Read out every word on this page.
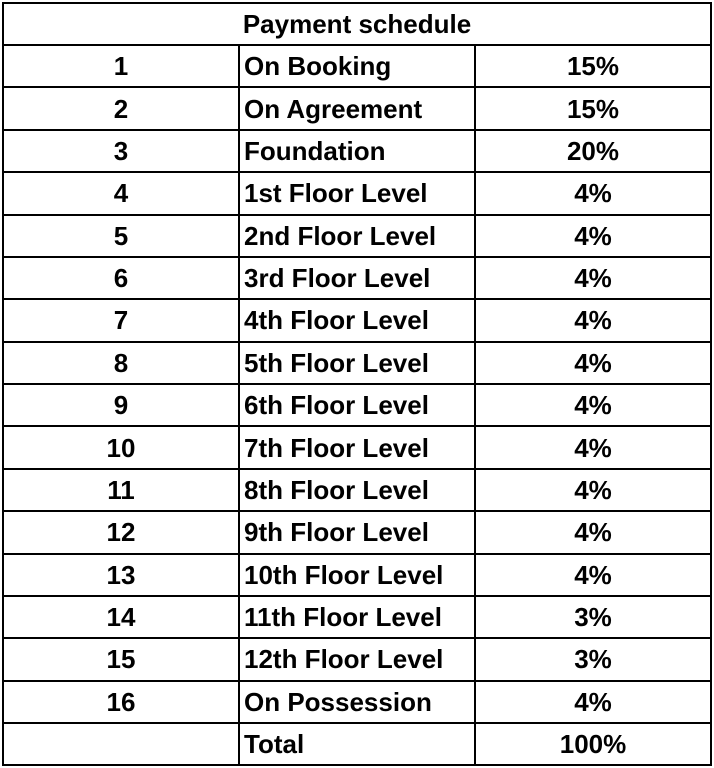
Payment schedule		
1	On Booking	15%
2	On Agreement	15%
3	Foundation	20%
4	1st Floor Level	4%
5	2nd Floor Level	4%
6	3rd Floor Level	4%
7	4th Floor Level	4%
8	5th Floor Level	4%
9	6th Floor Level	4%
10	7th Floor Level	4%
11	8th Floor Level	4%
12	9th Floor Level	4%
13	10th Floor Level	4%
14	11th Floor Level	3%
15	12th Floor Level	3%
16	On Possession	4%
	Total	100%
